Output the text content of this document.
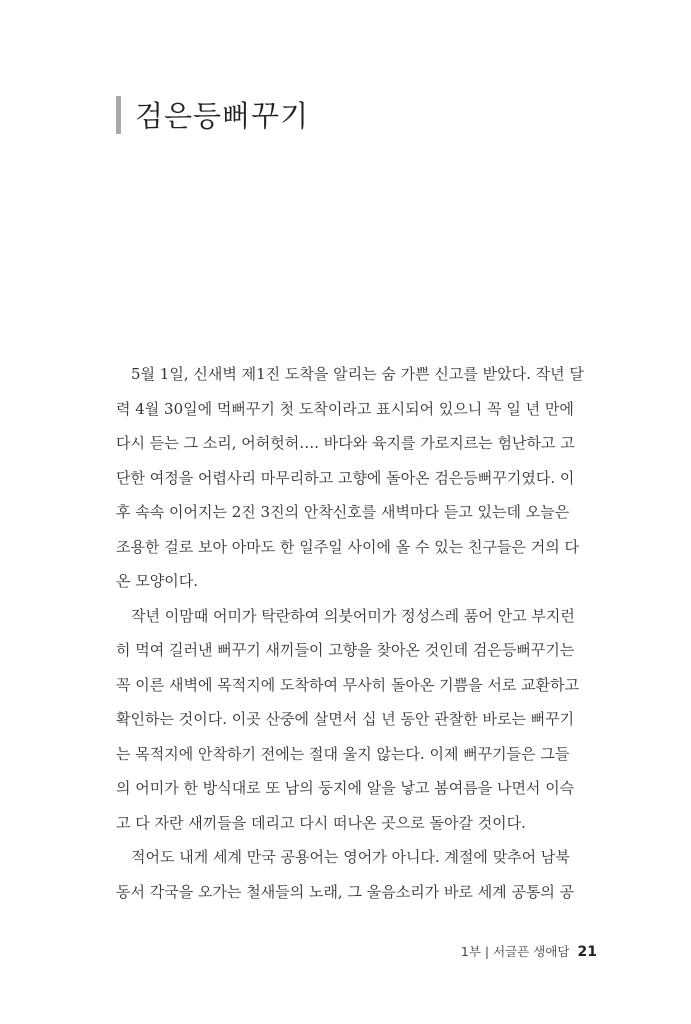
검은등뻐꾸기
5월 1일, 신새벽 제1진 도착을 알리는 숨 가쁜 신고를 받았다. 작년 달
력 4월 30일에 먹뻐꾸기 첫 도착이라고 표시되어 있으니 꼭 일 년 만에
다시 듣는 그 소리, 어허헛허…. 바다와 육지를 가로지르는 험난하고 고
단한 여정을 어렵사리 마무리하고 고향에 돌아온 검은등뻐꾸기였다. 이
후 속속 이어지는 2진 3진의 안착신호를 새벽마다 듣고 있는데 오늘은
조용한 걸로 보아 아마도 한 일주일 사이에 올 수 있는 친구들은 거의 다
온 모양이다.
작년 이맘때 어미가 탁란하여 의붓어미가 정성스레 품어 안고 부지런
히 먹여 길러낸 뻐꾸기 새끼들이 고향을 찾아온 것인데 검은등뻐꾸기는
꼭 이른 새벽에 목적지에 도착하여 무사히 돌아온 기쁨을 서로 교환하고
확인하는 것이다. 이곳 산중에 살면서 십 년 동안 관찰한 바로는 뻐꾸기
는 목적지에 안착하기 전에는 절대 울지 않는다. 이제 뻐꾸기들은 그들
의 어미가 한 방식대로 또 남의 둥지에 알을 낳고 봄여름을 나면서 이슥
고 다 자란 새끼들을 데리고 다시 떠나온 곳으로 돌아갈 것이다.
적어도 내게 세계 만국 공용어는 영어가 아니다. 계절에 맞추어 남북
동서 각국을 오가는 철새들의 노래, 그 울음소리가 바로 세계 공통의 공
1부 | 서글픈 생애담 21
